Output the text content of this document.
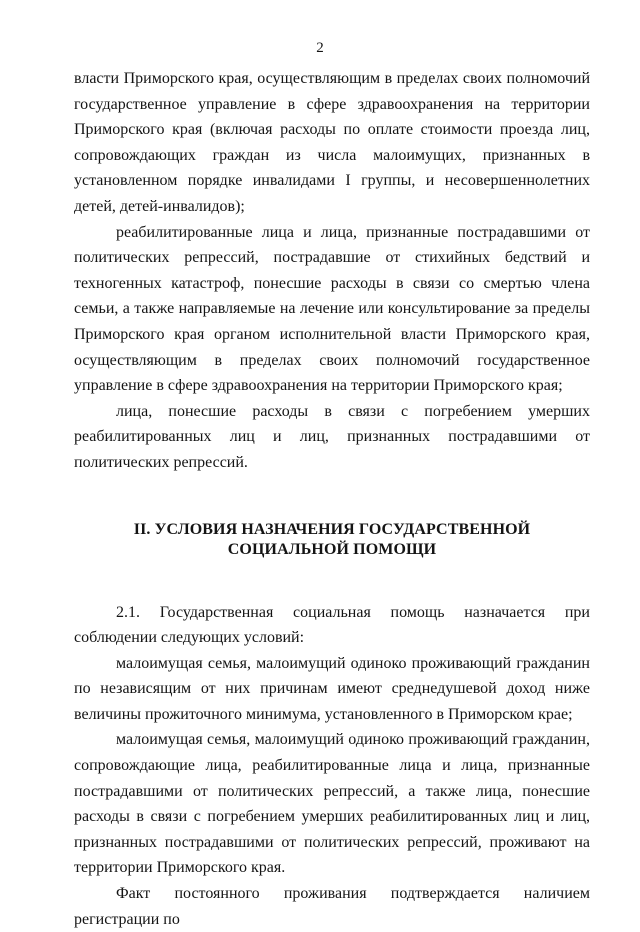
2

власти Приморского края, осуществляющим в пределах своих полномочий государственное управление в сфере здравоохранения на территории Приморского края (включая расходы по оплате стоимости проезда лиц, сопровождающих граждан из числа малоимущих, признанных в установленном порядке инвалидами I группы, и несовершеннолетних детей, детей-инвалидов);

реабилитированные лица и лица, признанные пострадавшими от политических репрессий, пострадавшие от стихийных бедствий и техногенных катастроф, понесшие расходы в связи со смертью члена семьи, а также направляемые на лечение или консультирование за пределы Приморского края органом исполнительной власти Приморского края, осуществляющим в пределах своих полномочий государственное управление в сфере здравоохранения на территории Приморского края;

лица, понесшие расходы в связи с погребением умерших реабилитированных лиц и лиц, признанных пострадавшими от политических репрессий.

II. УСЛОВИЯ НАЗНАЧЕНИЯ ГОСУДАРСТВЕННОЙ
СОЦИАЛЬНОЙ ПОМОЩИ

2.1. Государственная социальная помощь назначается при соблюдении следующих условий:

малоимущая семья, малоимущий одиноко проживающий гражданин по независящим от них причинам имеют среднедушевой доход ниже величины прожиточного минимума, установленного в Приморском крае;

малоимущая семья, малоимущий одиноко проживающий гражданин, сопровождающие лица, реабилитированные лица и лица, признанные пострадавшими от политических репрессий, а также лица, понесшие расходы в связи с погребением умерших реабилитированных лиц и лиц, признанных пострадавшими от политических репрессий, проживают на территории Приморского края.

Факт постоянного проживания подтверждается наличием регистрации по
